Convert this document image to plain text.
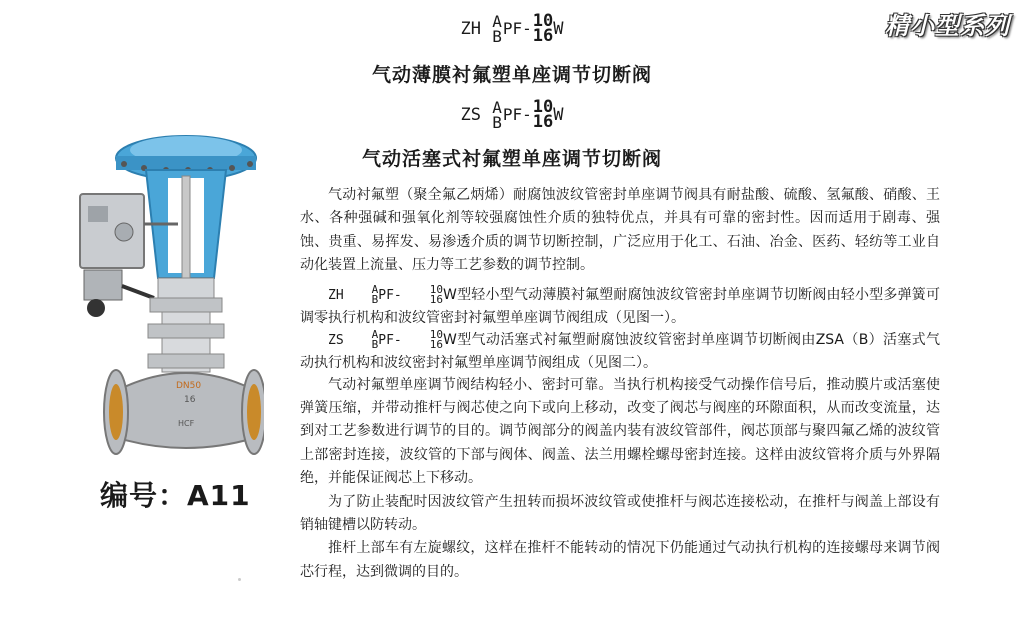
精小型系列
ZH A
B PF- 10
16 W
气动薄膜衬氟塑单座调节切断阀
ZS A
B PF- 10
16 W
气动活塞式衬氟塑单座调节切断阀
DN50
16
HCF
编号：A11

气动衬氟塑（聚全氟乙炳烯）耐腐蚀波纹管密封单座调节阀具有耐盐酸、硫酸、氢氟酸、硝酸、王水、各种强碱和强氧化剂等较强腐蚀性介质的独特优点，并具有可靠的密封性。因而适用于剧毒、强蚀、贵重、易挥发、易渗透介质的调节切断控制，广泛应用于化工、石油、冶金、医药、轻纺等工业自动化装置上流量、压力等工艺参数的调节控制。

ZH	A
B PF-	10
16 W型轻小型气动薄膜衬氟塑耐腐蚀波纹管密封单座调节切断阀由轻小型多弹簧可调零执行机构和波纹管密封衬氟塑单座调节阀组成（见图一）。

ZS	A
B PF-	10
16 W型气动活塞式衬氟塑耐腐蚀波纹管密封单座调节切断阀由ZSA（B）活塞式气动执行机构和波纹密封衬氟塑单座调节阀组成（见图二）。

气动衬氟塑单座调节阀结构轻小、密封可靠。当执行机构接受气动操作信号后，推动膜片或活塞使弹簧压缩，并带动推杆与阀芯使之向下或向上移动，改变了阀芯与阀座的环隙面积，从而改变流量，达到对工艺参数进行调节的目的。调节阀部分的阀盖内装有波纹管部件，阀芯顶部与聚四氟乙烯的波纹管上部密封连接，波纹管的下部与阀体、阀盖、法兰用螺栓螺母密封连接。这样由波纹管将介质与外界隔绝，并能保证阀芯上下移动。

为了防止装配时因波纹管产生扭转而损坏波纹管或使推杆与阀芯连接松动，在推杆与阀盖上部设有销轴键槽以防转动。

推杆上部车有左旋螺纹，这样在推杆不能转动的情况下仍能通过气动执行机构的连接螺母来调节阀芯行程，达到微调的目的。
